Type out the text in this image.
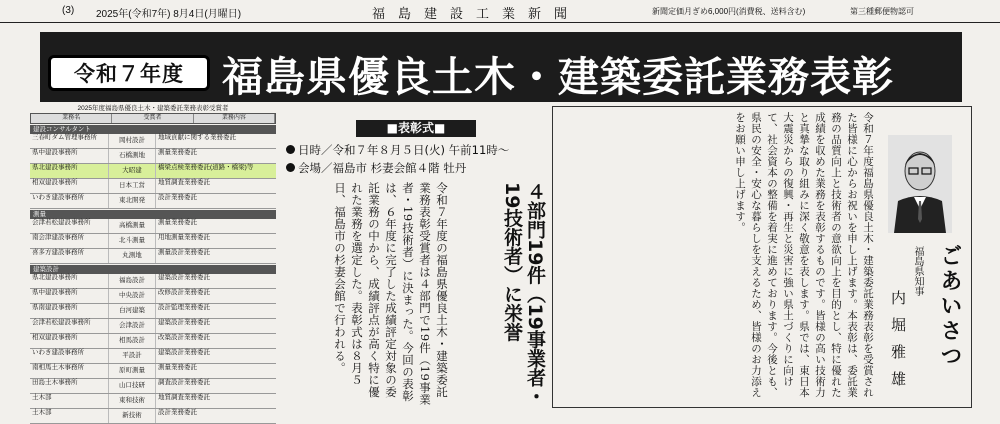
(3) 2025年(令和7年) 8月4日(月曜日)	福島建設工業新聞	新聞定価月ぎめ6,000円(消費税、送料含む)	第三種郵便物認可
令和７年度 福島県優良土木・建築委託業務表彰
2025年度福島県優良土木・建築委託業務表彰受賞者
業務名	受賞者	業務内容
建設コンサルタント
三春町ダム管理事務所	岡村設計	地域貢献に関する業務委託
県中建設事務所	石橋測地	測量業務委託
県北建設事務所	大昭建	橋梁点検業務委託(道路・橋梁)等
相双建設事務所	日本工営	地質調査業務委託
いわき建設事務所	東北開発	設計業務委託
測量
会津若松建設事務所	高橋測量	測量業務委託
南会津建設事務所	北斗測量	用地測量業務委託
喜多方建設事務所	丸測地	測量設計業務委託
建築設計
県北建設事務所	福島設計	建築設計業務委託
県中建設事務所	中央設計	改修設計業務委託
県南建設事務所	白河建築	設計監理業務委託
会津若松建設事務所	会津設計	建築設計業務委託
相双建設事務所	相馬設計	改築設計業務委託
いわき建設事務所	平設計	建築設計業務委託
南相馬土木事務所	原町測量	測量業務委託
田島土木事務所	山口技研	調査設計業務委託
土木部	東和技術	地質調査業務委託
土木部	新技術	設計業務委託
■表彰式■
日時／令和７年８月５日(火) 午前11時〜
会場／福島市 杉妻会館４階 牡丹
令和７年度の福島県優良土木・建築委託業務表彰受賞者は４部門で19件（19事業者・19技術者）に決まった。今回の表彰は、６年度に完了した成績評定対象の委託業務の中から、成績評点が高く特に優れた業務を選定した。表彰式は８月５日、福島市の杉妻会館で行われる。	４部門19件（19事業者・19技術者）に栄誉	令和７年度福島県優良土木・建築委託業務表彰を受賞された皆様に心からお祝いを申し上げます。本表彰は、委託業務の品質向上と技術者の意欲向上を目的とし、特に優れた成績を収めた業務を表彰するものです。皆様の高い技術力と真摯な取り組みに深く敬意を表します。県では、東日本大震災からの復興・再生と災害に強い県土づくりに向けて、社会資本の整備を着実に進めております。今後とも、県民の安全・安心な暮らしを支えるため、皆様のお力添えをお願い申し上げます。
ごあいさつ
福島県知事
内堀雅雄
